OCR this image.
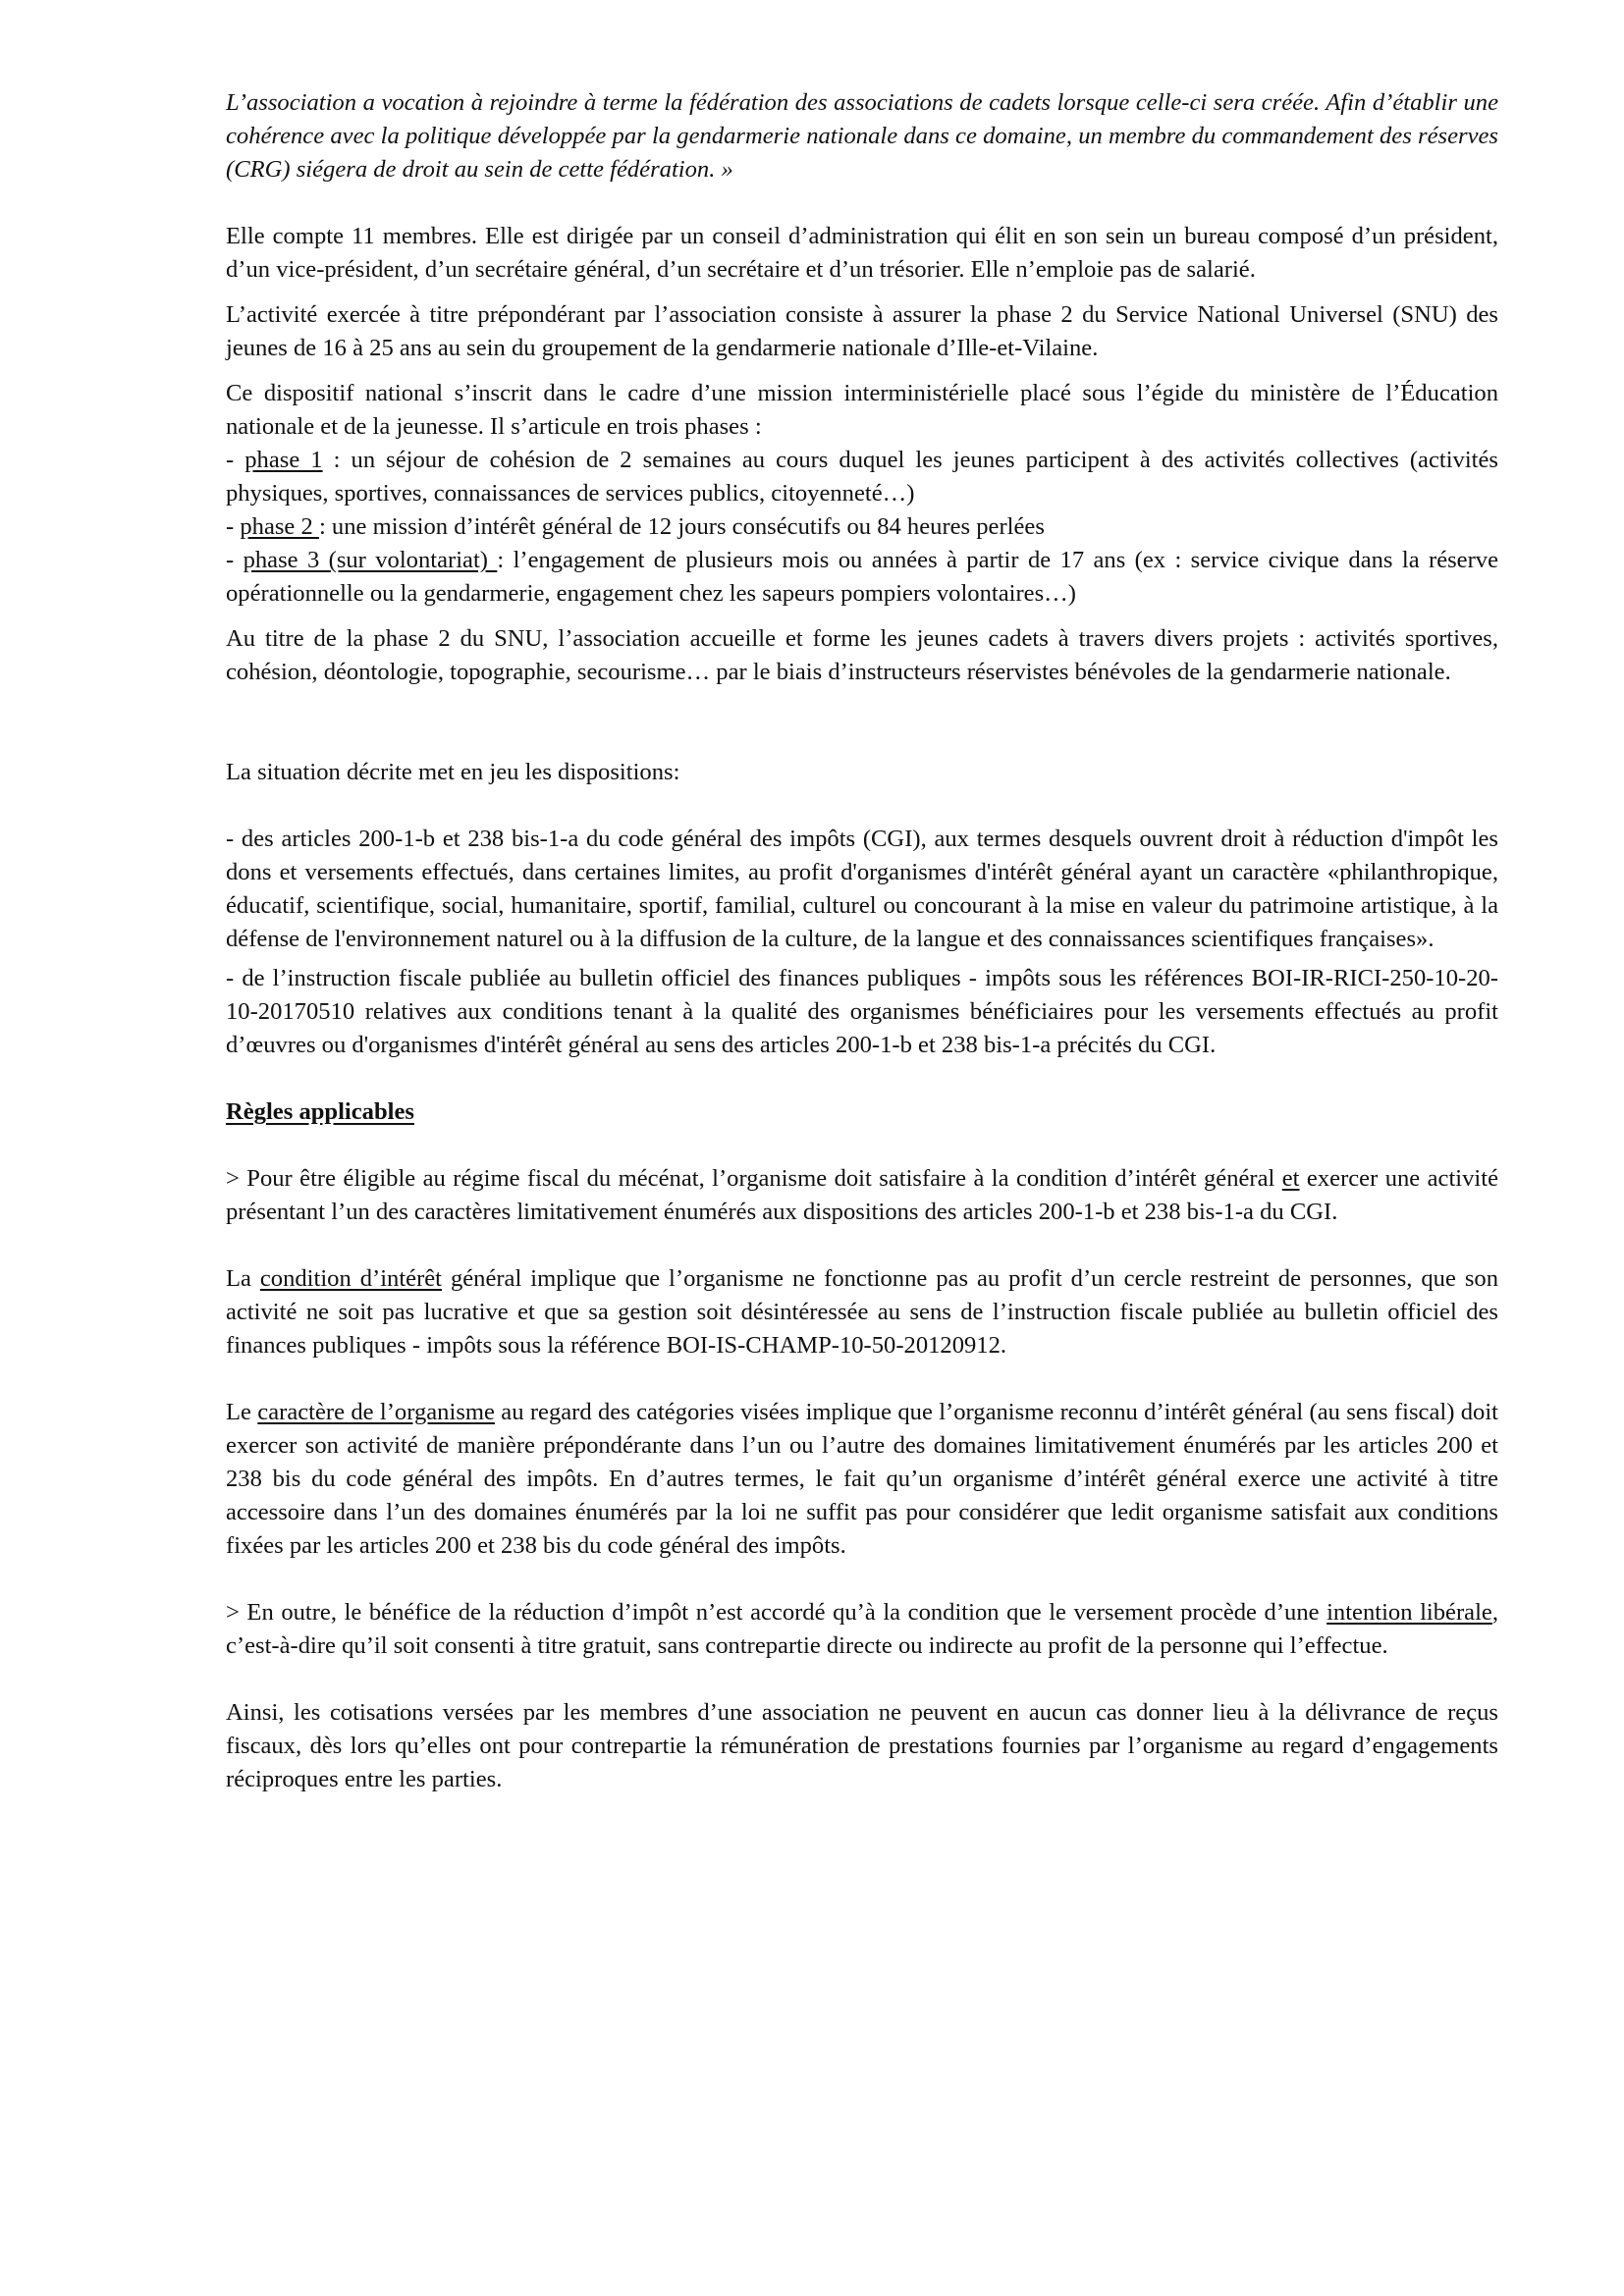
L’association a vocation à rejoindre à terme la fédération des associations de cadets lorsque celle-ci sera créée. Afin d’établir une cohérence avec la politique développée par la gendarmerie nationale dans ce domaine, un membre du commandement des réserves (CRG) siégera de droit au sein de cette fédération. »

Elle compte 11 membres. Elle est dirigée par un conseil d’administration qui élit en son sein un bureau composé d’un président, d’un vice-président, d’un secrétaire général, d’un secrétaire et d’un trésorier. Elle n’emploie pas de salarié.

L’activité exercée à titre prépondérant par l’association consiste à assurer la phase 2 du Service National Universel (SNU) des jeunes de 16 à 25 ans au sein du groupement de la gendarmerie nationale d’Ille-et-Vilaine.

Ce dispositif national s’inscrit dans le cadre d’une mission interministérielle placé sous l’égide du ministère de l’Éducation nationale et de la jeunesse. Il s’articule en trois phases :

- phase 1 : un séjour de cohésion de 2 semaines au cours duquel les jeunes participent à des activités collectives (activités physiques, sportives, connaissances de services publics, citoyenneté…)

- phase 2 : une mission d’intérêt général de 12 jours consécutifs ou 84 heures perlées

- phase 3 (sur volontariat) : l’engagement de plusieurs mois ou années à partir de 17 ans (ex : service civique dans la réserve opérationnelle ou la gendarmerie, engagement chez les sapeurs pompiers volontaires…)

Au titre de la phase 2 du SNU, l’association accueille et forme les jeunes cadets à travers divers projets : activités sportives, cohésion, déontologie, topographie, secourisme… par le biais d’instructeurs réservistes bénévoles de la gendarmerie nationale.

La situation décrite met en jeu les dispositions:

- des articles 200-1-b et 238 bis-1-a du code général des impôts (CGI), aux termes desquels ouvrent droit à réduction d'impôt les dons et versements effectués, dans certaines limites, au profit d'organismes d'intérêt général ayant un caractère «philanthropique, éducatif, scientifique, social, humanitaire, sportif, familial, culturel ou concourant à la mise en valeur du patrimoine artistique, à la défense de l'environnement naturel ou à la diffusion de la culture, de la langue et des connaissances scientifiques françaises».

- de l’instruction fiscale publiée au bulletin officiel des finances publiques - impôts sous les références BOI-IR-RICI-250-10-20-10-20170510 relatives aux conditions tenant à la qualité des organismes bénéficiaires pour les versements effectués au profit d’œuvres ou d'organismes d'intérêt général au sens des articles 200-1-b et 238 bis-1-a précités du CGI.

Règles applicables

> Pour être éligible au régime fiscal du mécénat, l’organisme doit satisfaire à la condition d’intérêt général et exercer une activité présentant l’un des caractères limitativement énumérés aux dispositions des articles 200-1-b et 238 bis-1-a du CGI.

La condition d’intérêt général implique que l’organisme ne fonctionne pas au profit d’un cercle restreint de personnes, que son activité ne soit pas lucrative et que sa gestion soit désintéressée au sens de l’instruction fiscale publiée au bulletin officiel des finances publiques - impôts sous la référence BOI-IS-CHAMP-10-50-20120912.

Le caractère de l’organisme au regard des catégories visées implique que l’organisme reconnu d’intérêt général (au sens fiscal) doit exercer son activité de manière prépondérante dans l’un ou l’autre des domaines limitativement énumérés par les articles 200 et 238 bis du code général des impôts. En d’autres termes, le fait qu’un organisme d’intérêt général exerce une activité à titre accessoire dans l’un des domaines énumérés par la loi ne suffit pas pour considérer que ledit organisme satisfait aux conditions fixées par les articles 200 et 238 bis du code général des impôts.

> En outre, le bénéfice de la réduction d’impôt n’est accordé qu’à la condition que le versement procède d’une intention libérale, c’est-à-dire qu’il soit consenti à titre gratuit, sans contrepartie directe ou indirecte au profit de la personne qui l’effectue.

Ainsi, les cotisations versées par les membres d’une association ne peuvent en aucun cas donner lieu à la délivrance de reçus fiscaux, dès lors qu’elles ont pour contrepartie la rémunération de prestations fournies par l’organisme au regard d’engagements réciproques entre les parties.
